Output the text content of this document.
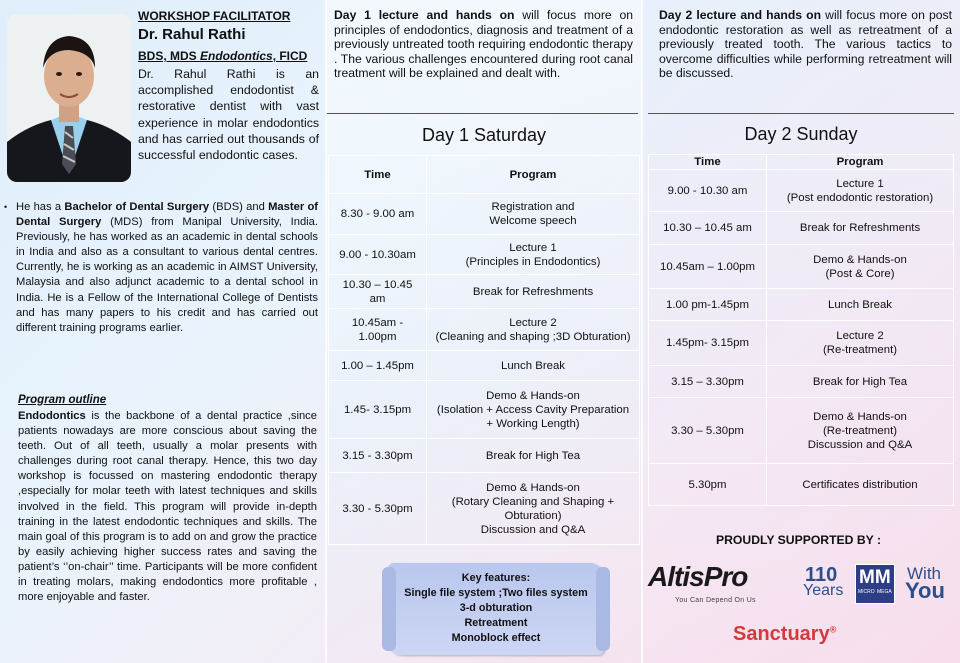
WORKSHOP FACILITATOR
Dr. Rahul Rathi
BDS, MDS Endodontics, FICD
Dr. Rahul Rathi is an accomplished endodontist & restorative dentist with vast experience in molar endodontics and has carried out thousands of successful endodontic cases.
• He has a Bachelor of Dental Surgery (BDS) and Master of Dental Surgery (MDS) from Manipal University, India. Previously, he has worked as an academic in dental schools in India and also as a consultant to various dental centres. Currently, he is working as an academic in AIMST University, Malaysia and also adjunct academic to a dental school in India. He is a Fellow of the International College of Dentists and has many papers to his credit and has carried out different training programs earlier.

Program outline
Endodontics is the backbone of a dental practice ,since patients nowadays are more conscious about saving the teeth. Out of all teeth, usually a molar presents with challenges during root canal therapy. Hence, this two day workshop is focussed on mastering endodontic therapy ,especially for molar teeth with latest techniques and skills involved in the field. This program will provide in-depth training in the latest endodontic techniques and skills. The main goal of this program is to add on and grow the practice by easily achieving higher success rates and saving the patient’s ‘’on-chair’’ time. Participants will be more confident in treating molars, making endodontics more profitable , more enjoyable and faster.
Day 1 lecture and hands on will focus more on principles of endodontics, diagnosis and treatment of a previously untreated tooth requiring endodontic therapy . The various challenges encountered during root canal treatment will be explained and dealt with.
Day 1 Saturday
Time	Program
8.30 - 9.00 am	Registration and
Welcome speech
9.00 - 10.30am	Lecture 1
(Principles in Endodontics)
10.30 – 10.45
am	Break for Refreshments
10.45am -
1.00pm	Lecture 2
(Cleaning and shaping ;3D Obturation)
1.00 – 1.45pm	Lunch Break
1.45- 3.15pm	Demo & Hands-on
(Isolation + Access Cavity Preparation
+ Working Length)
3.15 - 3.30pm	Break for High Tea
3.30 - 5.30pm	Demo & Hands-on
(Rotary Cleaning and Shaping +
Obturation)
Discussion and Q&A
Key features:
Single file system ;Two files system
3-d obturation
Retreatment
Monoblock effect
Day 2 lecture and hands on will focus more on post endodontic restoration as well as retreatment of a previously treated tooth. The various tactics to overcome difficulties while performing retreatment will be discussed.
Day 2 Sunday
Time	Program
9.00 - 10.30 am	Lecture 1
(Post endodontic restoration)
10.30 – 10.45 am	Break for Refreshments
10.45am – 1.00pm	Demo & Hands-on
(Post & Core)
1.00 pm-1.45pm	Lunch Break
1.45pm- 3.15pm	Lecture 2
(Re-treatment)
3.15 – 3.30pm	Break for High Tea
3.30 – 5.30pm	Demo & Hands-on
(Re-treatment)
Discussion and Q&A
5.30pm	Certificates distribution
PROUDLY SUPPORTED BY :
AltisPro
You Can Depend On Us
110
Years
MM
MICRO MEGA
With
You
Sanctuary®
